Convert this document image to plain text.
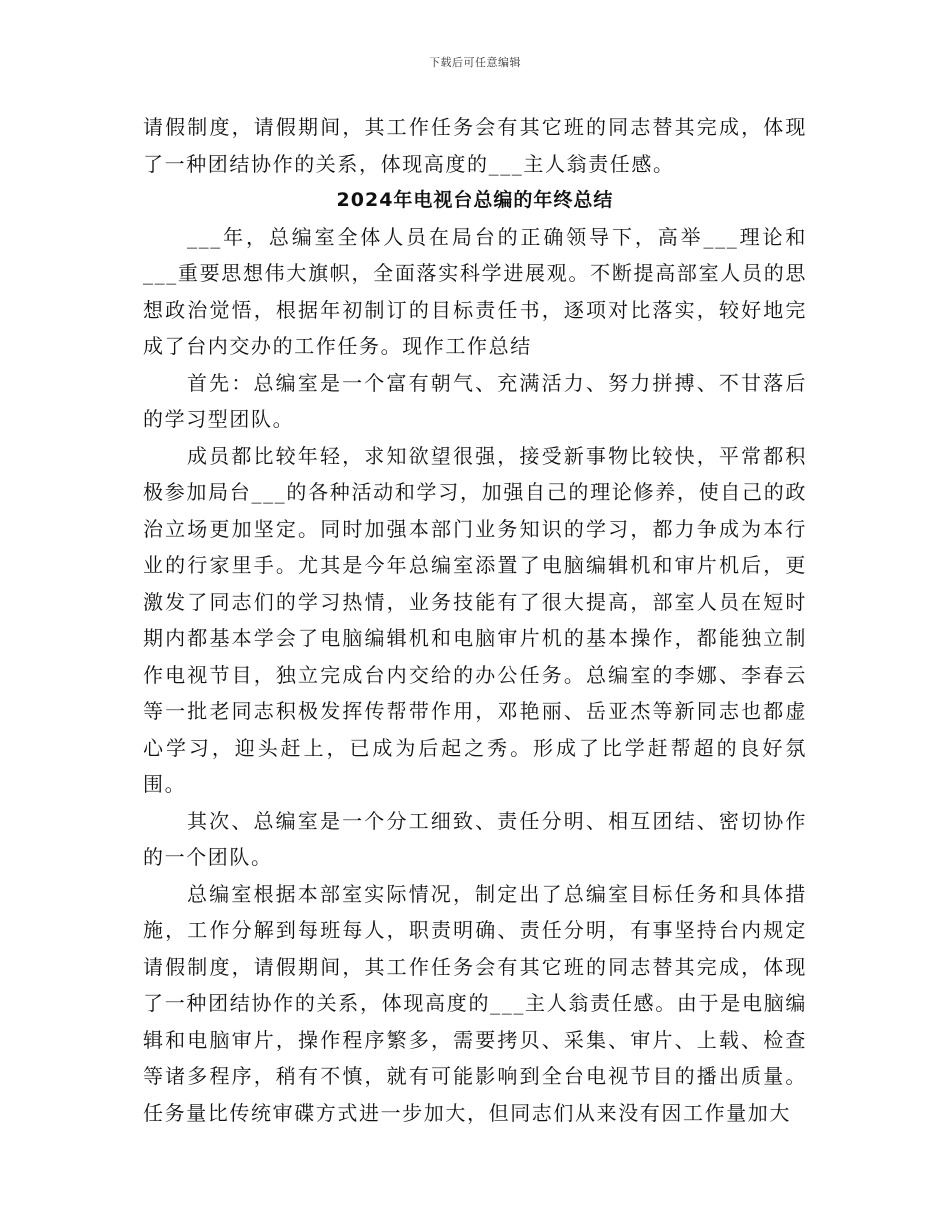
下载后可任意编辑

请假制度，请假期间，其工作任务会有其它班的同志替其完成，体现了一种团结协作的关系，体现高度的___主人翁责任感。

2024年电视台总编的年终总结

___年，总编室全体人员在局台的正确领导下，高举___理论和___重要思想伟大旗帜，全面落实科学进展观。不断提高部室人员的思想政治觉悟，根据年初制订的目标责任书，逐项对比落实，较好地完成了台内交办的工作任务。现作工作总结

首先：总编室是一个富有朝气、充满活力、努力拼搏、不甘落后的学习型团队。

成员都比较年轻，求知欲望很强，接受新事物比较快，平常都积极参加局台___的各种活动和学习，加强自己的理论修养，使自己的政治立场更加坚定。同时加强本部门业务知识的学习，都力争成为本行业的行家里手。尤其是今年总编室添置了电脑编辑机和审片机后，更激发了同志们的学习热情，业务技能有了很大提高，部室人员在短时期内都基本学会了电脑编辑机和电脑审片机的基本操作，都能独立制作电视节目，独立完成台内交给的办公任务。总编室的李娜、李春云等一批老同志积极发挥传帮带作用，邓艳丽、岳亚杰等新同志也都虚心学习，迎头赶上，已成为后起之秀。形成了比学赶帮超的良好氛围。

其次、总编室是一个分工细致、责任分明、相互团结、密切协作的一个团队。

总编室根据本部室实际情况，制定出了总编室目标任务和具体措施，工作分解到每班每人，职责明确、责任分明，有事坚持台内规定请假制度，请假期间，其工作任务会有其它班的同志替其完成，体现了一种团结协作的关系，体现高度的___主人翁责任感。由于是电脑编辑和电脑审片，操作程序繁多，需要拷贝、采集、审片、上载、检查等诸多程序，稍有不慎，就有可能影响到全台电视节目的播出质量。任务量比传统审碟方式进一步加大，但同志们从来没有因工作量加大
